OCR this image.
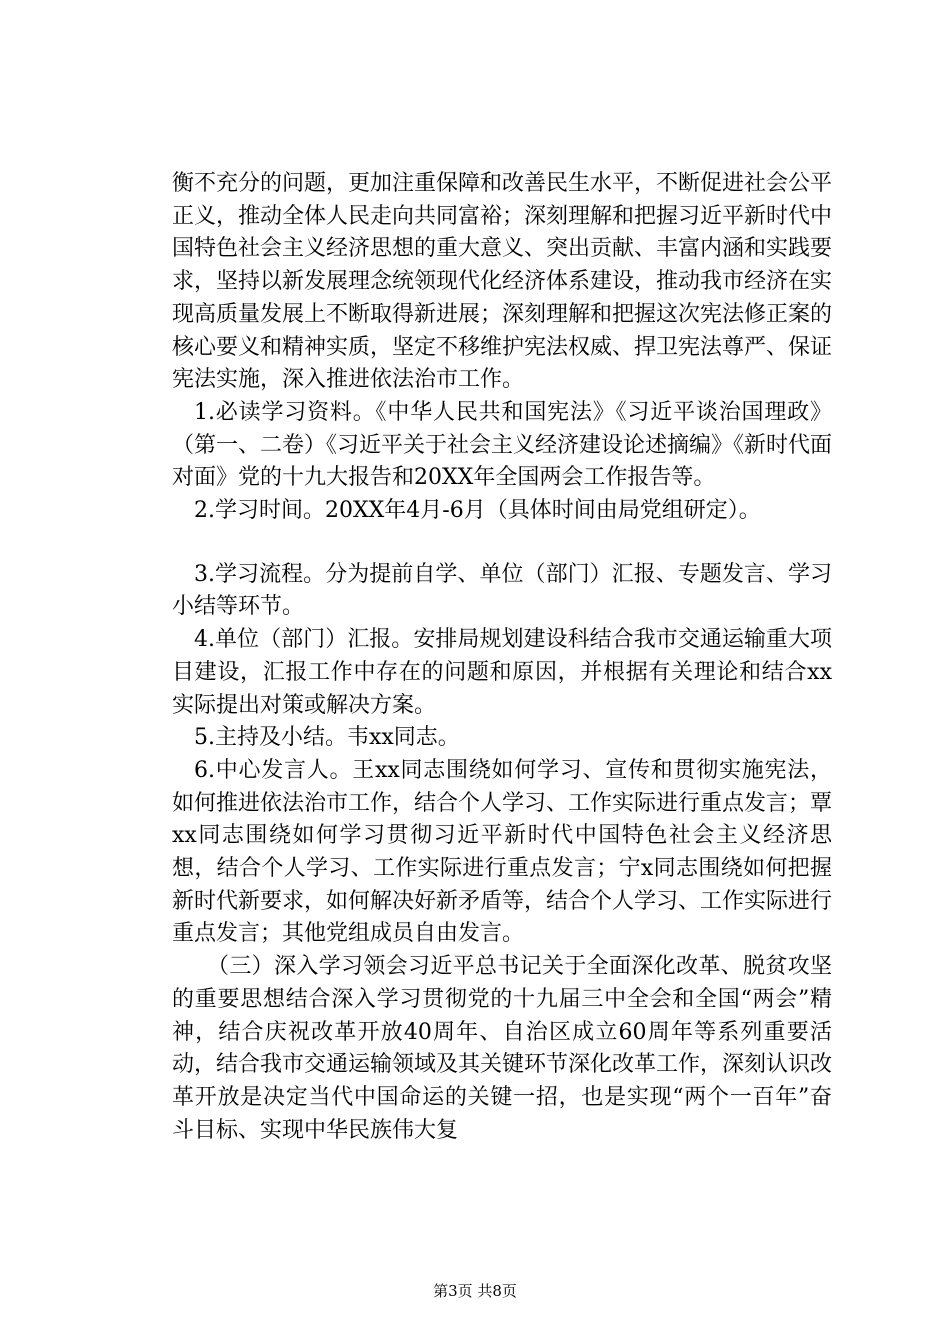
衡不充分的问题，更加注重保障和改善民生水平，不断促进社会公平正义，推动全体人民走向共同富裕；深刻理解和把握习近平新时代中国特色社会主义经济思想的重大意义、突出贡献、丰富内涵和实践要求，坚持以新发展理念统领现代化经济体系建设，推动我市经济在实现高质量发展上不断取得新进展；深刻理解和把握这次宪法修正案的核心要义和精神实质，坚定不移维护宪法权威、捍卫宪法尊严、保证宪法实施，深入推进依法治市工作。

1.必读学习资料。《中华人民共和国宪法》《习近平谈治国理政》（第一、二卷）《习近平关于社会主义经济建设论述摘编》《新时代面对面》党的十九大报告和20XX年全国两会工作报告等。

2.学习时间。20XX年4月-6月（具体时间由局党组研定）。

3.学习流程。分为提前自学、单位（部门）汇报、专题发言、学习小结等环节。

4.单位（部门）汇报。安排局规划建设科结合我市交通运输重大项目建设，汇报工作中存在的问题和原因，并根据有关理论和结合xx实际提出对策或解决方案。

5.主持及小结。韦xx同志。

6.中心发言人。王xx同志围绕如何学习、宣传和贯彻实施宪法，如何推进依法治市工作，结合个人学习、工作实际进行重点发言；覃xx同志围绕如何学习贯彻习近平新时代中国特色社会主义经济思想，结合个人学习、工作实际进行重点发言；宁x同志围绕如何把握新时代新要求，如何解决好新矛盾等，结合个人学习、工作实际进行重点发言；其他党组成员自由发言。

（三）深入学习领会习近平总书记关于全面深化改革、脱贫攻坚的重要思想结合深入学习贯彻党的十九届三中全会和全国“两会”精神，结合庆祝改革开放40周年、自治区成立60周年等系列重要活动，结合我市交通运输领域及其关键环节深化改革工作，深刻认识改革开放是决定当代中国命运的关键一招，也是实现“两个一百年”奋斗目标、实现中华民族伟大复

第3页 共8页
